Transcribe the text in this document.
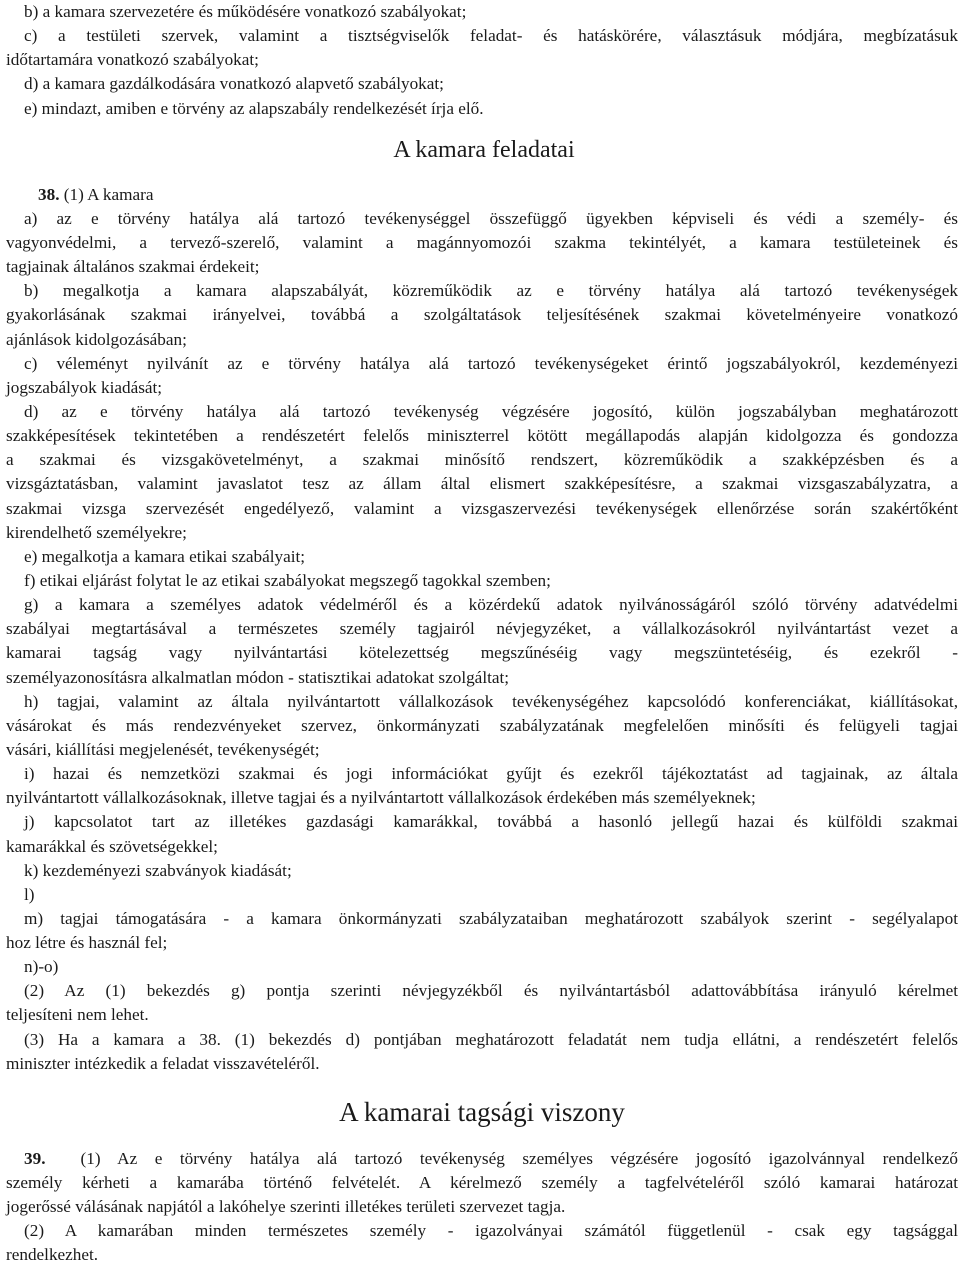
b) a kamara szervezetére és működésére vonatkozó szabályokat;

c) a testületi szervek, valamint a tisztségviselők feladat- és hatáskörére, választásuk módjára, megbízatásuk

időtartamára vonatkozó szabályokat;

d) a kamara gazdálkodására vonatkozó alapvető szabályokat;

e) mindazt, amiben e törvény az alapszabály rendelkezését írja elő.

A kamara feladatai

38. (1) A kamara

a) az e törvény hatálya alá tartozó tevékenységgel összefüggő ügyekben képviseli és védi a személy- és

vagyonvédelmi, a tervező-szerelő, valamint a magánnyomozói szakma tekintélyét, a kamara testületeinek és

tagjainak általános szakmai érdekeit;

b) megalkotja a kamara alapszabályát, közreműködik az e törvény hatálya alá tartozó tevékenységek

gyakorlásának szakmai irányelvei, továbbá a szolgáltatások teljesítésének szakmai követelményeire vonatkozó

ajánlások kidolgozásában;

c) véleményt nyilvánít az e törvény hatálya alá tartozó tevékenységeket érintő jogszabályokról, kezdeményezi

jogszabályok kiadását;

d) az e törvény hatálya alá tartozó tevékenység végzésére jogosító, külön jogszabályban meghatározott

szakképesítések tekintetében a rendészetért felelős miniszterrel kötött megállapodás alapján kidolgozza és gondozza

a szakmai és vizsgakövetelményt, a szakmai minősítő rendszert, közreműködik a szakképzésben és a

vizsgáztatásban, valamint javaslatot tesz az állam által elismert szakképesítésre, a szakmai vizsgaszabályzatra, a

szakmai vizsga szervezését engedélyező, valamint a vizsgaszervezési tevékenységek ellenőrzése során szakértőként

kirendelhető személyekre;

e) megalkotja a kamara etikai szabályait;

f) etikai eljárást folytat le az etikai szabályokat megszegő tagokkal szemben;

g) a kamara a személyes adatok védelméről és a közérdekű adatok nyilvánosságáról szóló törvény adatvédelmi

szabályai megtartásával a természetes személy tagjairól névjegyzéket, a vállalkozásokról nyilvántartást vezet a

kamarai tagság vagy nyilvántartási kötelezettség megszűnéséig vagy megszüntetéséig, és ezekről -

személyazonosításra alkalmatlan módon - statisztikai adatokat szolgáltat;

h) tagjai, valamint az általa nyilvántartott vállalkozások tevékenységéhez kapcsolódó konferenciákat, kiállításokat,

vásárokat és más rendezvényeket szervez, önkormányzati szabályzatának megfelelően minősíti és felügyeli tagjai

vásári, kiállítási megjelenését, tevékenységét;

i) hazai és nemzetközi szakmai és jogi információkat gyűjt és ezekről tájékoztatást ad tagjainak, az általa

nyilvántartott vállalkozásoknak, illetve tagjai és a nyilvántartott vállalkozások érdekében más személyeknek;

j) kapcsolatot tart az illetékes gazdasági kamarákkal, továbbá a hasonló jellegű hazai és külföldi szakmai

kamarákkal és szövetségekkel;

k) kezdeményezi szabványok kiadását;

l)

m) tagjai támogatására - a kamara önkormányzati szabályzataiban meghatározott szabályok szerint - segélyalapot

hoz létre és használ fel;

n)-o)

(2) Az (1) bekezdés g) pontja szerinti névjegyzékből és nyilvántartásból adattovábbítása irányuló kérelmet

teljesíteni nem lehet.

(3) Ha a kamara a 38. (1) bekezdés d) pontjában meghatározott feladatát nem tudja ellátni, a rendészetért felelős

miniszter intézkedik a feladat visszavételéről.

A kamarai tagsági viszony

39.  (1) Az e törvény hatálya alá tartozó tevékenység személyes végzésére jogosító igazolvánnyal rendelkező

személy kérheti a kamarába történő felvételét. A kérelmező személy a tagfelvételéről szóló kamarai határozat

jogerőssé válásának napjától a lakóhelye szerinti illetékes területi szervezet tagja.

(2) A kamarában minden természetes személy - igazolványai számától függetlenül - csak egy tagsággal

rendelkezhet.
